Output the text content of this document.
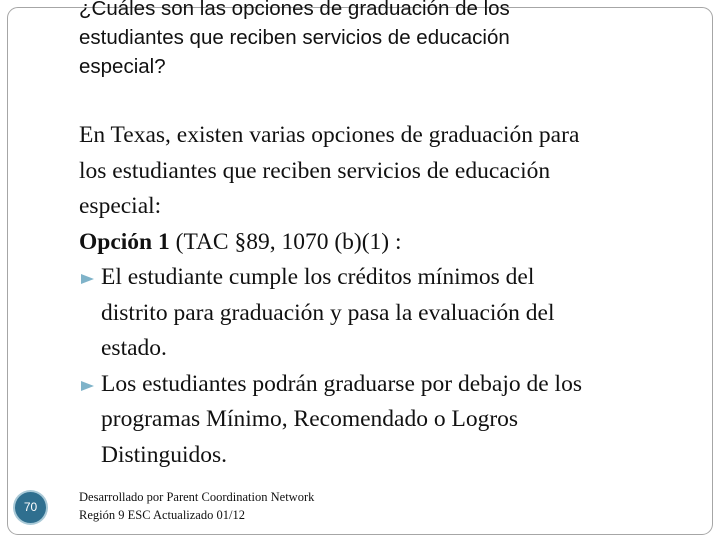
¿Cuáles son las opciones de graduación de los
estudiantes que reciben servicios de educación
especial?
En Texas, existen varias opciones de graduación para
los estudiantes que reciben servicios de educación
especial:
Opción 1 (TAC §89, 1070 (b)(1) :
El estudiante cumple los créditos mínimos del
distrito para graduación y pasa la evaluación del
estado.
Los estudiantes podrán graduarse por debajo de los
programas Mínimo, Recomendado o Logros
Distinguidos.
70
Desarrollado por Parent Coordination Network
Región 9 ESC Actualizado 01/12
